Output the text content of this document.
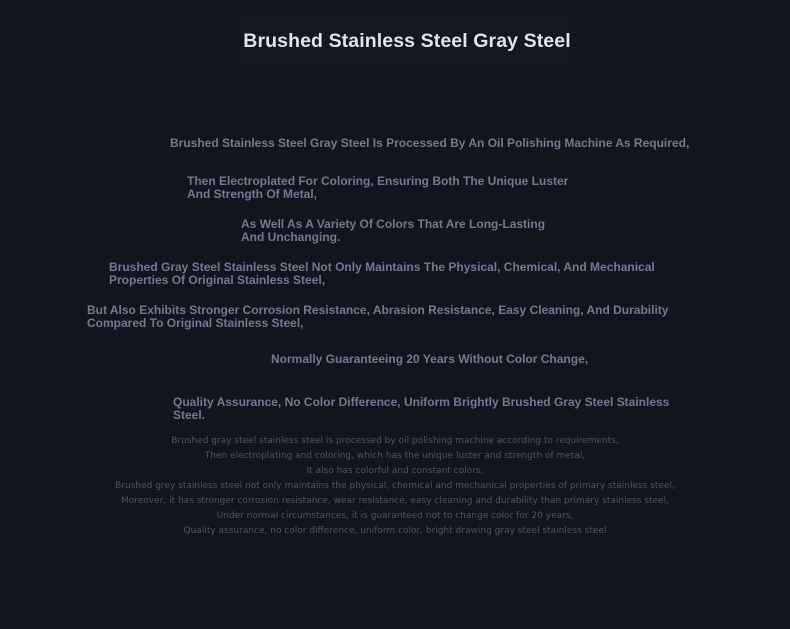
Brushed Stainless Steel Gray Steel

Brushed Stainless Steel Gray Steel Is Processed By An Oil Polishing Machine As Required,

Then Electroplated For Coloring, Ensuring Both The Unique Luster And Strength Of Metal,

As Well As A Variety Of Colors That Are Long-Lasting And Unchanging.

Brushed Gray Steel Stainless Steel Not Only Maintains The Physical, Chemical, And Mechanical Properties Of Original Stainless Steel,

But Also Exhibits Stronger Corrosion Resistance, Abrasion Resistance, Easy Cleaning, And Durability Compared To Original Stainless Steel,

Normally Guaranteeing 20 Years Without Color Change,

Quality Assurance, No Color Difference, Uniform Brightly Brushed Gray Steel Stainless Steel.

Brushed gray steel stainless steel is processed by oil polishing machine according to requirements,
Then electroplating and coloring, which has the unique luster and strength of metal,
It also has colorful and constant colors.
Brushed grey stainless steel not only maintains the physical, chemical and mechanical properties of primary stainless steel,
Moreover, it has stronger corrosion resistance, wear resistance, easy cleaning and durability than primary stainless steel,
Under normal circumstances, it is guaranteed not to change color for 20 years,
Quality assurance, no color difference, uniform color, bright drawing gray steel stainless steel
